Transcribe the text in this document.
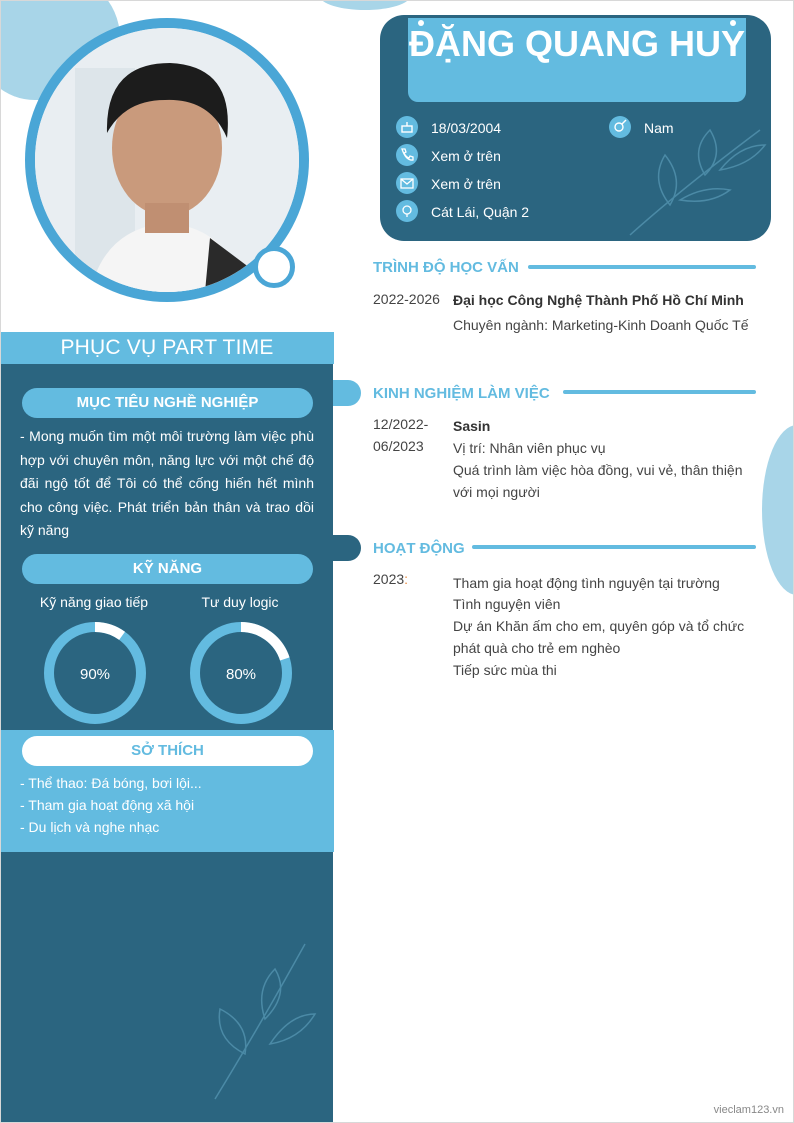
ĐẶNG QUANG HUY
18/03/2004	Nam
Xem ở trên
Xem ở trên
Cát Lái, Quận 2
PHỤC VỤ PART TIME
MỤC TIÊU NGHỀ NGHIỆP
- Mong muốn tìm một môi trường làm việc phù hợp với chuyên môn, năng lực với một chế độ đãi ngộ tốt để Tôi có thể cống hiến hết mình cho công việc. Phát triển bản thân và trao dồi kỹ năng
KỸ NĂNG
Kỹ năng giao tiếp	Tư duy logic
90%	80%
SỞ THÍCH
- Thể thao: Đá bóng, bơi lội...
- Tham gia hoạt động xã hội
- Du lịch và nghe nhạc
TRÌNH ĐỘ HỌC VẤN
2022-2026 Đại học Công Nghệ Thành Phố Hồ Chí Minh
Chuyên ngành: Marketing-Kinh Doanh Quốc Tế
KINH NGHIỆM LÀM VIỆC
12/2022-
06/2023
Sasin
Vị trí: Nhân viên phục vụ
Quá trình làm việc hòa đồng, vui vẻ, thân thiện
với mọi người
HOẠT ĐỘNG
2023:	Tham gia hoạt động tình nguyện tại trường
Tình nguyện viên
Dự án Khăn ấm cho em, quyên góp và tổ chức
phát quà cho trẻ em nghèo
Tiếp sức mùa thi
vieclam123.vn
